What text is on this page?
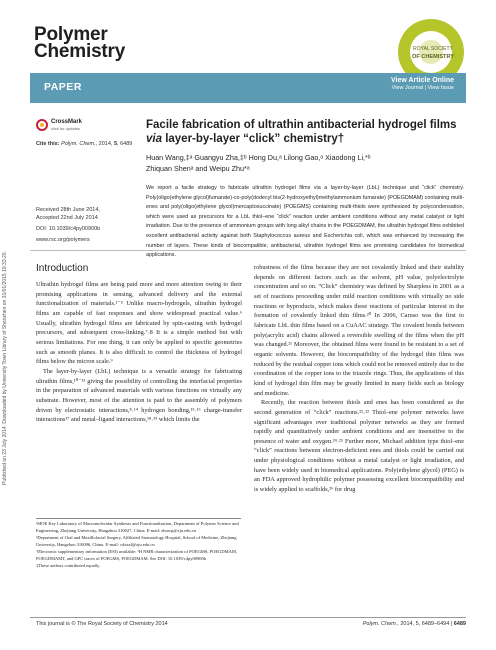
Published on 23 July 2014. Downloaded by University Town Library of Shenzhen on 31/01/2015 19:33:20.
Polymer
Chemistry	ROYAL SOCIETY
OF CHEMISTRY
PAPER
View Article Online
View Journal | View Issue
CrossMark
click for updates
Cite this: Polym. Chem., 2014, 5, 6489
Received 28th June 2014,
Accepted 22nd July 2014
DOI: 10.1039/c4py00900b
www.rsc.org/polymers
Facile fabrication of ultrathin antibacterial hydrogel films via layer-by-layer “click” chemistry†
Huan Wang,‡ᵃ Guangyu Zha,‡ᵇ Hong Du,ᵃ Lilong Gao,ᵃ Xiaodong Li,*ᵇ
Zhiquan Shenᵃ and Weipu Zhu*ᵃ
We report a facile strategy to fabricate ultrathin hydrogel films via a layer-by-layer (LbL) technique and “click” chemistry. Poly(oligo(ethylene glycol)fumarate)-co-poly(dodecyl bis(2-hydroxyethyl)methylammonium fumarate) (POEGDMAM) containing multi-enes and poly(oligo(ethylene glycol)mercaptosuccinate) (POEGMS) containing multi-thiols were synthesized by polycondensation, which were used as precursors for a LbL thiol–ene “click” reaction under ambient conditions without any metal catalyst or light irradiation. Due to the presence of ammonium groups with long alkyl chains in the POEGDMAM, the ultrathin hydrogel films exhibited excellent antibacterial activity against both Staphylococcus aureus and Escherichia coli, which was enhanced by increasing the number of layers. These kinds of biocompatible, antibacterial, ultrathin hydrogel films are promising candidates for biomedical applications.
Introduction

Ultrathin hydrogel films are being paid more and more attention owing to their promising applications in sensing, advanced delivery and the external functionalization of materials.¹⁻⁵ Unlike macro-hydrogels, ultrathin hydrogel films are capable of fast responses and show widespread practical value.⁶ Usually, ultrathin hydrogel films are fabricated by spin-casting with hydrogel precursors, and subsequent cross-linking.⁷˒8 It is a simple method but with serious limitations. For one thing, it can only be applied to specific geometries such as smooth planes. It is also difficult to control the thickness of hydrogel films below the micron scale.⁹

The layer-by-layer (LbL) technique is a versatile strategy for fabricating ultrathin films,¹⁰⁻¹³ giving the possibility of controlling the interfacial properties in the preparation of advanced materials with various functions on virtually any substrate. However, most of the attention is paid to the assembly of polymers driven by electrostatic interactions,⁸˒¹⁴ hydrogen bonding,¹⁵˒¹⁶ charge-transfer interactions¹⁷ and metal–ligand interactions,¹⁸˒¹⁹ which limits the

robustness of the films because they are not covalently linked and their stability depends on different factors such as the solvent, pH value, polyelectrolyte concentration and so on. “Click” chemistry was defined by Sharpless in 2001 as a set of reactions proceeding under mild reaction conditions with virtually no side reactions or byproducts, which makes these reactions of particular interest in the formation of covalently linked thin films.²⁰ In 2006, Caruso was the first to fabricate LbL thin films based on a CuAAC strategy. The covalent bonds between poly(acrylic acid) chains allowed a reversible swelling of the films when the pH was changed.²¹ Moreover, the obtained films were found to be resistant to a set of organic solvents. However, the biocompatibility of the hydrogel thin films was reduced by the residual copper ions which could not be removed entirely due to the coordination of the copper ions to the triazole rings. Thus, the applications of this kind of hydrogel thin film may be greatly limited in many fields such as biology and medicine.

Recently, the reaction between thiols and enes has been considered as the second generation of “click” reactions.²²˒²³ Thiol–ene polymer networks have significant advantages over traditional polymer networks as they are formed rapidly and quantitatively under ambient conditions and are insensitive to the presence of water and oxygen.²⁴˒²⁵ Further more, Michael addition type thiol–ene “click” reactions between electron-deficient enes and thiols could be carried out under physiological conditions without a metal catalyst or light irradiation, and have been widely used in biomedical applications. Poly(ethylene glycol) (PEG) is an FDA approved hydrophilic polymer possessing excellent biocompatibility and is widely applied to scaffolds,²⁶ for drug

ᵃMOE Key Laboratory of Macromolecular Synthesis and Functionalization, Department of Polymer Science and Engineering, Zhejiang University, Hangzhou 310027, China. E-mail: zhuwp@zju.edu.cn
ᵇDepartment of Oral and Maxillofacial Surgery, Affiliated Stomatology Hospital, School of Medicine, Zhejiang University, Hangzhou 310006, China. E-mail: cdxaxl@zju.edu.cn
†Electronic supplementary information (ESI) available: ¹H NMR characterization of POEGMS, POEGDMAM, POEGDMAMT, and GPC traces of POEGMS, POEGDMAM. See DOI: 10.1039/c4py00900b
‡These authors contributed equally.
This journal is © The Royal Society of Chemistry 2014	Polym. Chem., 2014, 5, 6489–6494 | 6489
